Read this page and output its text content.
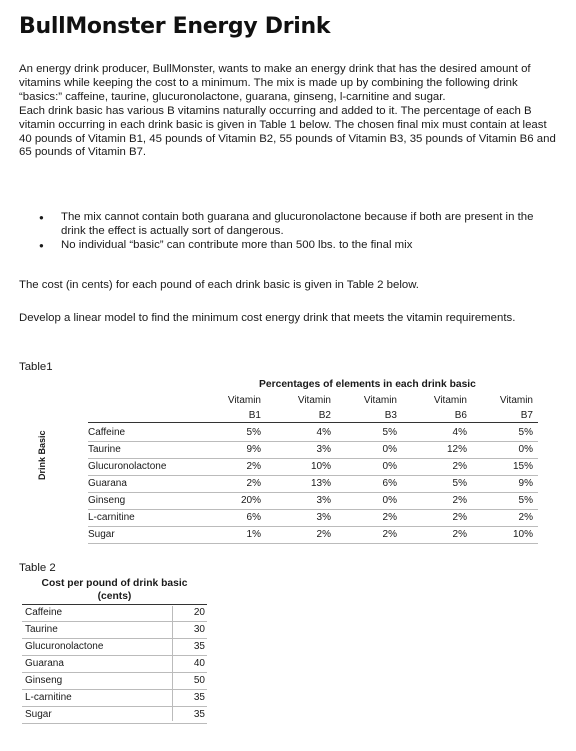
BullMonster Energy Drink
An energy drink producer, BullMonster, wants to make an energy drink that has the desired amount of vitamins while keeping the cost to a minimum. The mix is made up by combining the following drink “basics:” caffeine, taurine, glucuronolactone, guarana, ginseng, l-carnitine and sugar.
Each drink basic has various B vitamins naturally occurring and added to it. The percentage of each B vitamin occurring in each drink basic is given in Table 1 below. The chosen final mix must contain at least 40 pounds of Vitamin B1, 45 pounds of Vitamin B2, 55 pounds of Vitamin B3, 35 pounds of Vitamin B6 and 65 pounds of Vitamin B7.
● The mix cannot contain both guarana and glucuronolactone because if both are present in the drink the effect is actually sort of dangerous.
● No individual “basic” can contribute more than 500 lbs. to the final mix

The cost (in cents) for each pound of each drink basic is given in Table 2 below.

Develop a linear model to find the minimum cost energy drink that meets the vitamin requirements.

Table1

Percentages of elements in each drink basic
Vitamin	Vitamin	Vitamin	Vitamin	Vitamin
B1	B2	B3	B6	B7
Drink Basic	Caffeine	5%	4%	5%	4%	5%
Taurine	9%	3%	0%	12%	0%
Glucuronolactone	2%	10%	0%	2%	15%
Guarana	2%	13%	6%	5%	9%
Ginseng	20%	3%	0%	2%	5%
L-carnitine	6%	3%	2%	2%	2%
Sugar	1%	2%	2%	2%	10%

Table 2

Cost per pound of drink basic
(cents)
Caffeine	20
Taurine	30
Glucuronolactone	35
Guarana	40
Ginseng	50
L-carnitine	35
Sugar	35
